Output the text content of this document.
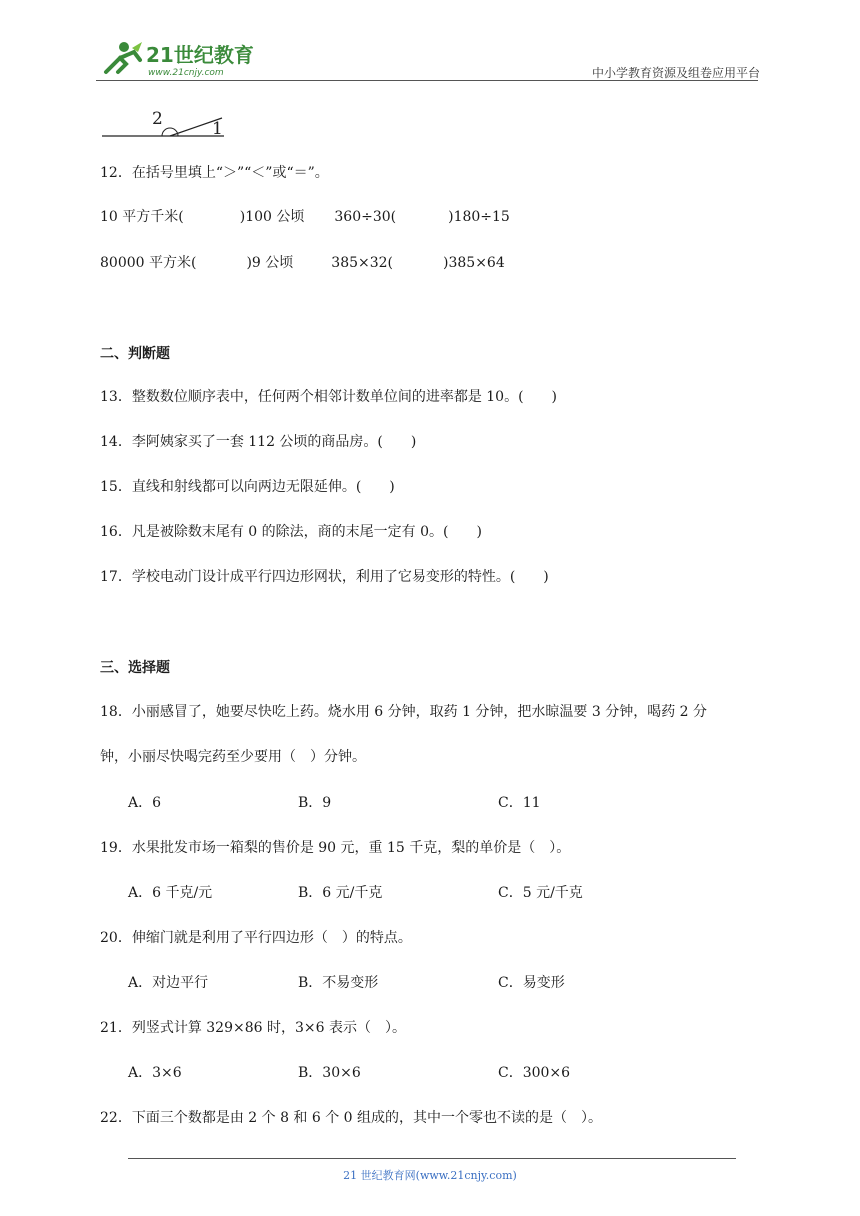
21世纪教育
www.21cnjy.com	中小学教育资源及组卷应用平台
2	1
12．在括号里填上“＞”“＜”或“＝”。
10 平方千米(	)100 公顷 360÷30(	)180÷15
80000 平方米(	)9 公顷	385×32(	)385×64
二、判断题
13．整数数位顺序表中，任何两个相邻计数单位间的进率都是 10。(　　)
14．李阿姨家买了一套 112 公顷的商品房。(　　)
15．直线和射线都可以向两边无限延伸。(　　)
16．凡是被除数末尾有 0 的除法，商的末尾一定有 0。(　　)
17．学校电动门设计成平行四边形网状，利用了它易变形的特性。(　　)
三、选择题
18．小丽感冒了，她要尽快吃上药。烧水用 6 分钟，取药 1 分钟，把水晾温要 3 分钟，喝药 2 分
钟，小丽尽快喝完药至少要用（　）分钟。
A．6	B．9	C．11
19．水果批发市场一箱梨的售价是 90 元，重 15 千克，梨的单价是（　）。
A．6 千克/元	B．6 元/千克	C．5 元/千克
20．伸缩门就是利用了平行四边形（　）的特点。
A．对边平行	B．不易变形	C．易变形
21．列竖式计算 329×86 时，3×6 表示（　）。
A．3×6	B．30×6	C．300×6
22．下面三个数都是由 2 个 8 和 6 个 0 组成的，其中一个零也不读的是（　）。
21 世纪教育网(www.21cnjy.com)
